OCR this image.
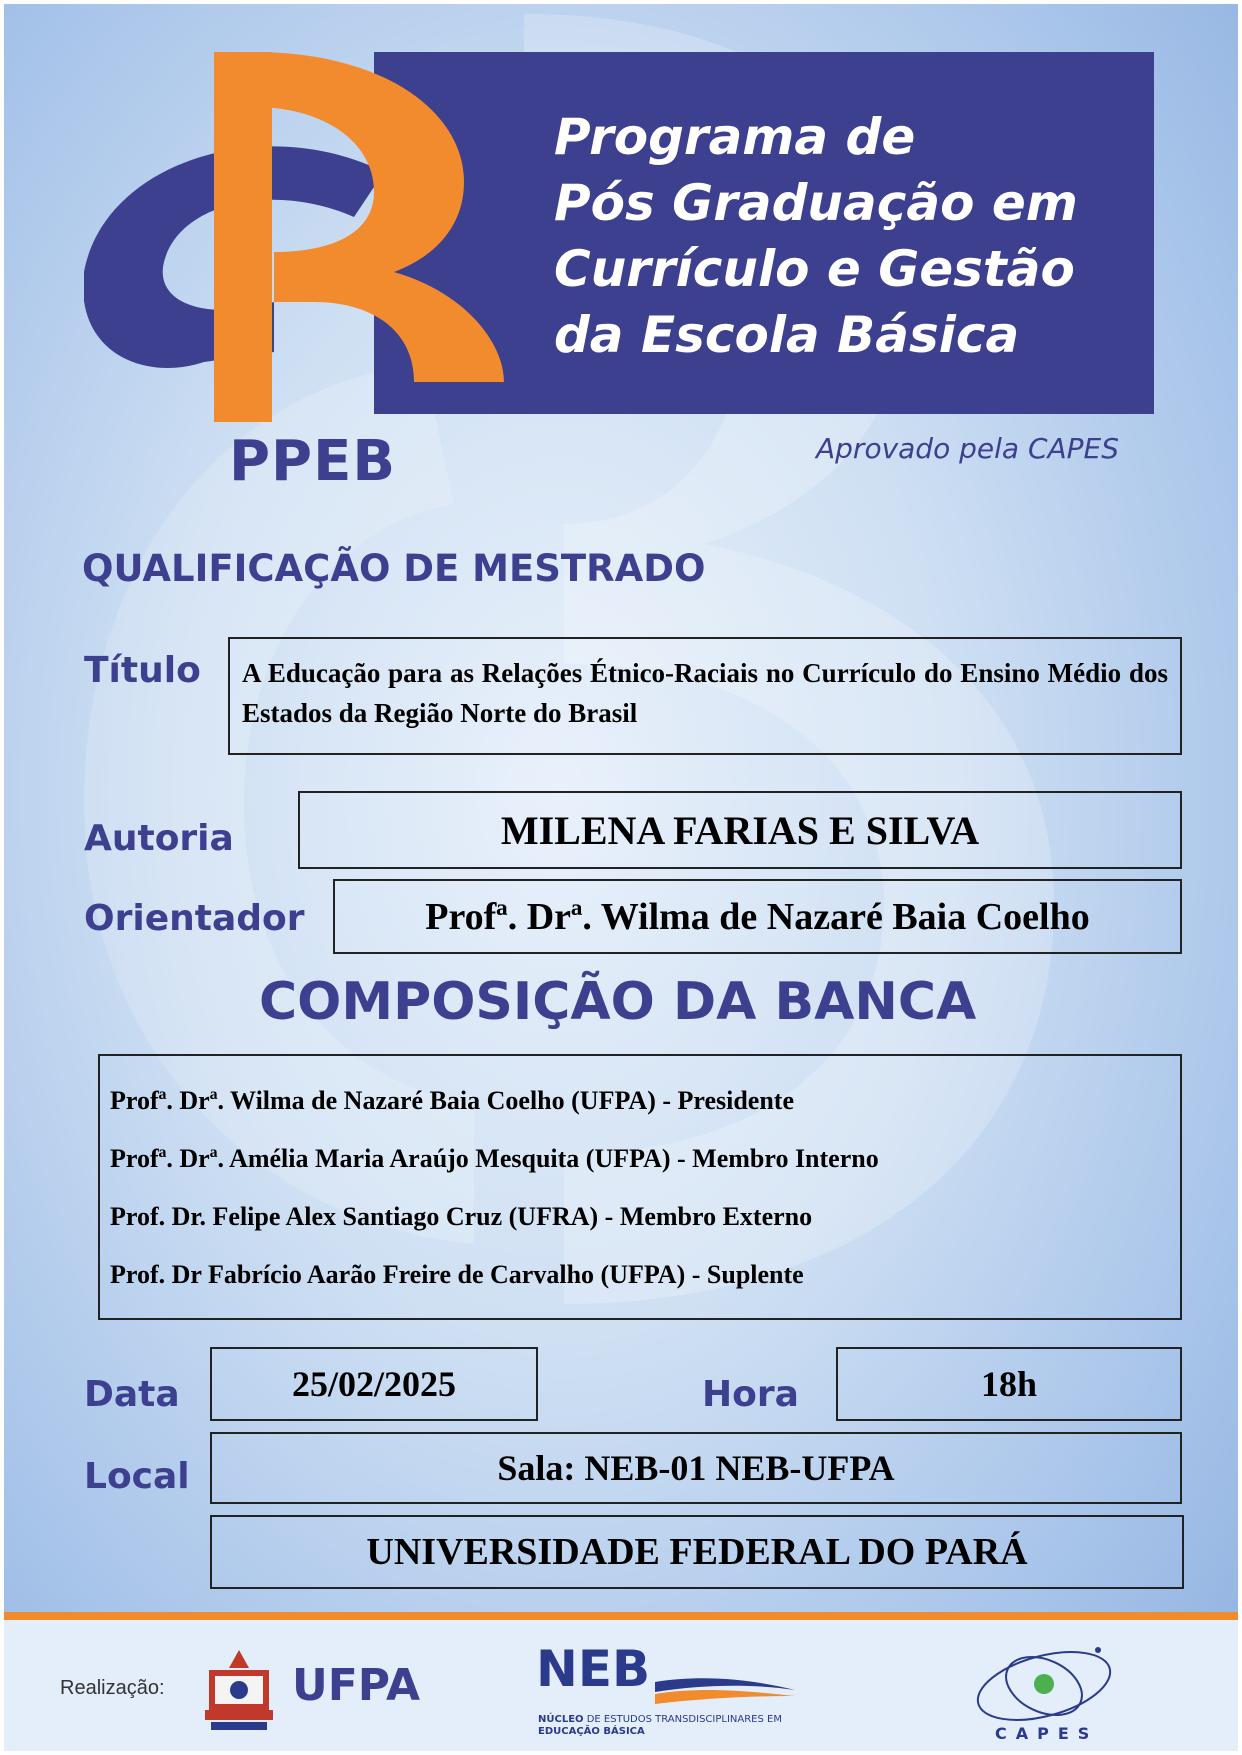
Programa de
Pós Graduação em
Currículo e Gestão
da Escola Básica
PPEB	Aprovado pela CAPES
QUALIFICAÇÃO DE MESTRADO
Título	A Educação para as Relações Étnico-Raciais no Currículo do Ensino Médio dos Estados da Região Norte do Brasil
Autoria	MILENA FARIAS E SILVA
Orientador	Profª. Drª. Wilma de Nazaré Baia Coelho
COMPOSIÇÃO DA BANCA
Profª. Drª. Wilma de Nazaré Baia Coelho (UFPA) - Presidente
Profª. Drª. Amélia Maria Araújo Mesquita (UFPA) - Membro Interno
Prof. Dr. Felipe Alex Santiago Cruz (UFRA) - Membro Externo
Prof. Dr Fabrício Aarão Freire de Carvalho (UFPA) - Suplente
Data	25/02/2025	Hora	18h
Local	Sala: NEB-01 NEB-UFPA
UNIVERSIDADE FEDERAL DO PARÁ
Realização:	UFPA NEB
NÚCLEO DE ESTUDOS TRANSDISCIPLINARES EM
EDUCAÇÃO BÁSICA	CAPES
